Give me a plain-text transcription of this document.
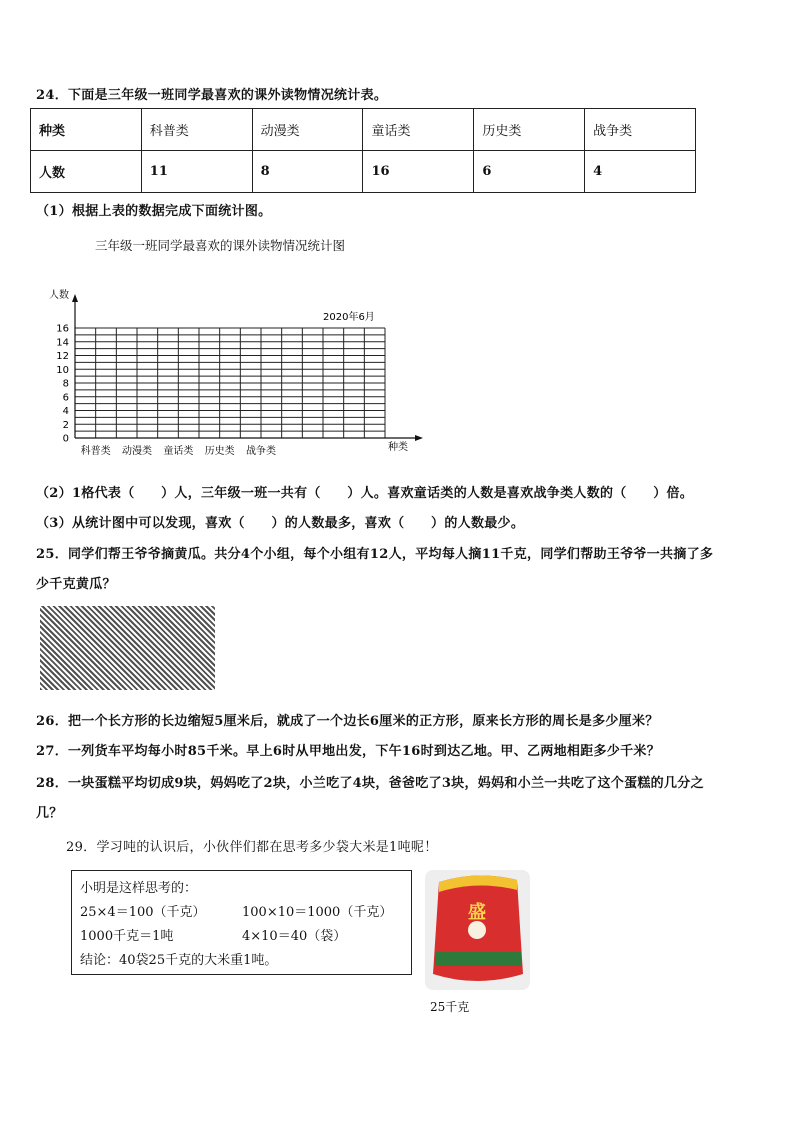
24．下面是三年级一班同学最喜欢的课外读物情况统计表。
种类	科普类	动漫类	童话类	历史类	战争类
人数	11	8	16	6	4
（1）根据上表的数据完成下面统计图。
三年级一班同学最喜欢的课外读物情况统计图
0
2
4
6
8
10
12
14
16
人数
种类
2020年6月
科普类 动漫类 童话类 历史类 战争类
（2）1格代表（　　）人，三年级一班一共有（　　）人。喜欢童话类的人数是喜欢战争类人数的（　　）倍。
（3）从统计图中可以发现，喜欢（　　）的人数最多，喜欢（　　）的人数最少。
25．同学们帮王爷爷摘黄瓜。共分4个小组，每个小组有12人，平均每人摘11千克，同学们帮助王爷爷一共摘了多
少千克黄瓜？
26．把一个长方形的长边缩短5厘米后，就成了一个边长6厘米的正方形，原来长方形的周长是多少厘米？
27．一列货车平均每小时85千米。早上6时从甲地出发，下午16时到达乙地。甲、乙两地相距多少千米？
28．一块蛋糕平均切成9块，妈妈吃了2块，小兰吃了4块，爸爸吃了3块，妈妈和小兰一共吃了这个蛋糕的几分之
几？
29．学习吨的认识后，小伙伴们都在思考多少袋大米是1吨呢！
小明是这样思考的：
25×4＝100（千克）	100×10＝1000（千克）
1000千克＝1吨	4×10＝40（袋）
结论：40袋25千克的大米重1吨。
盛
25千克
